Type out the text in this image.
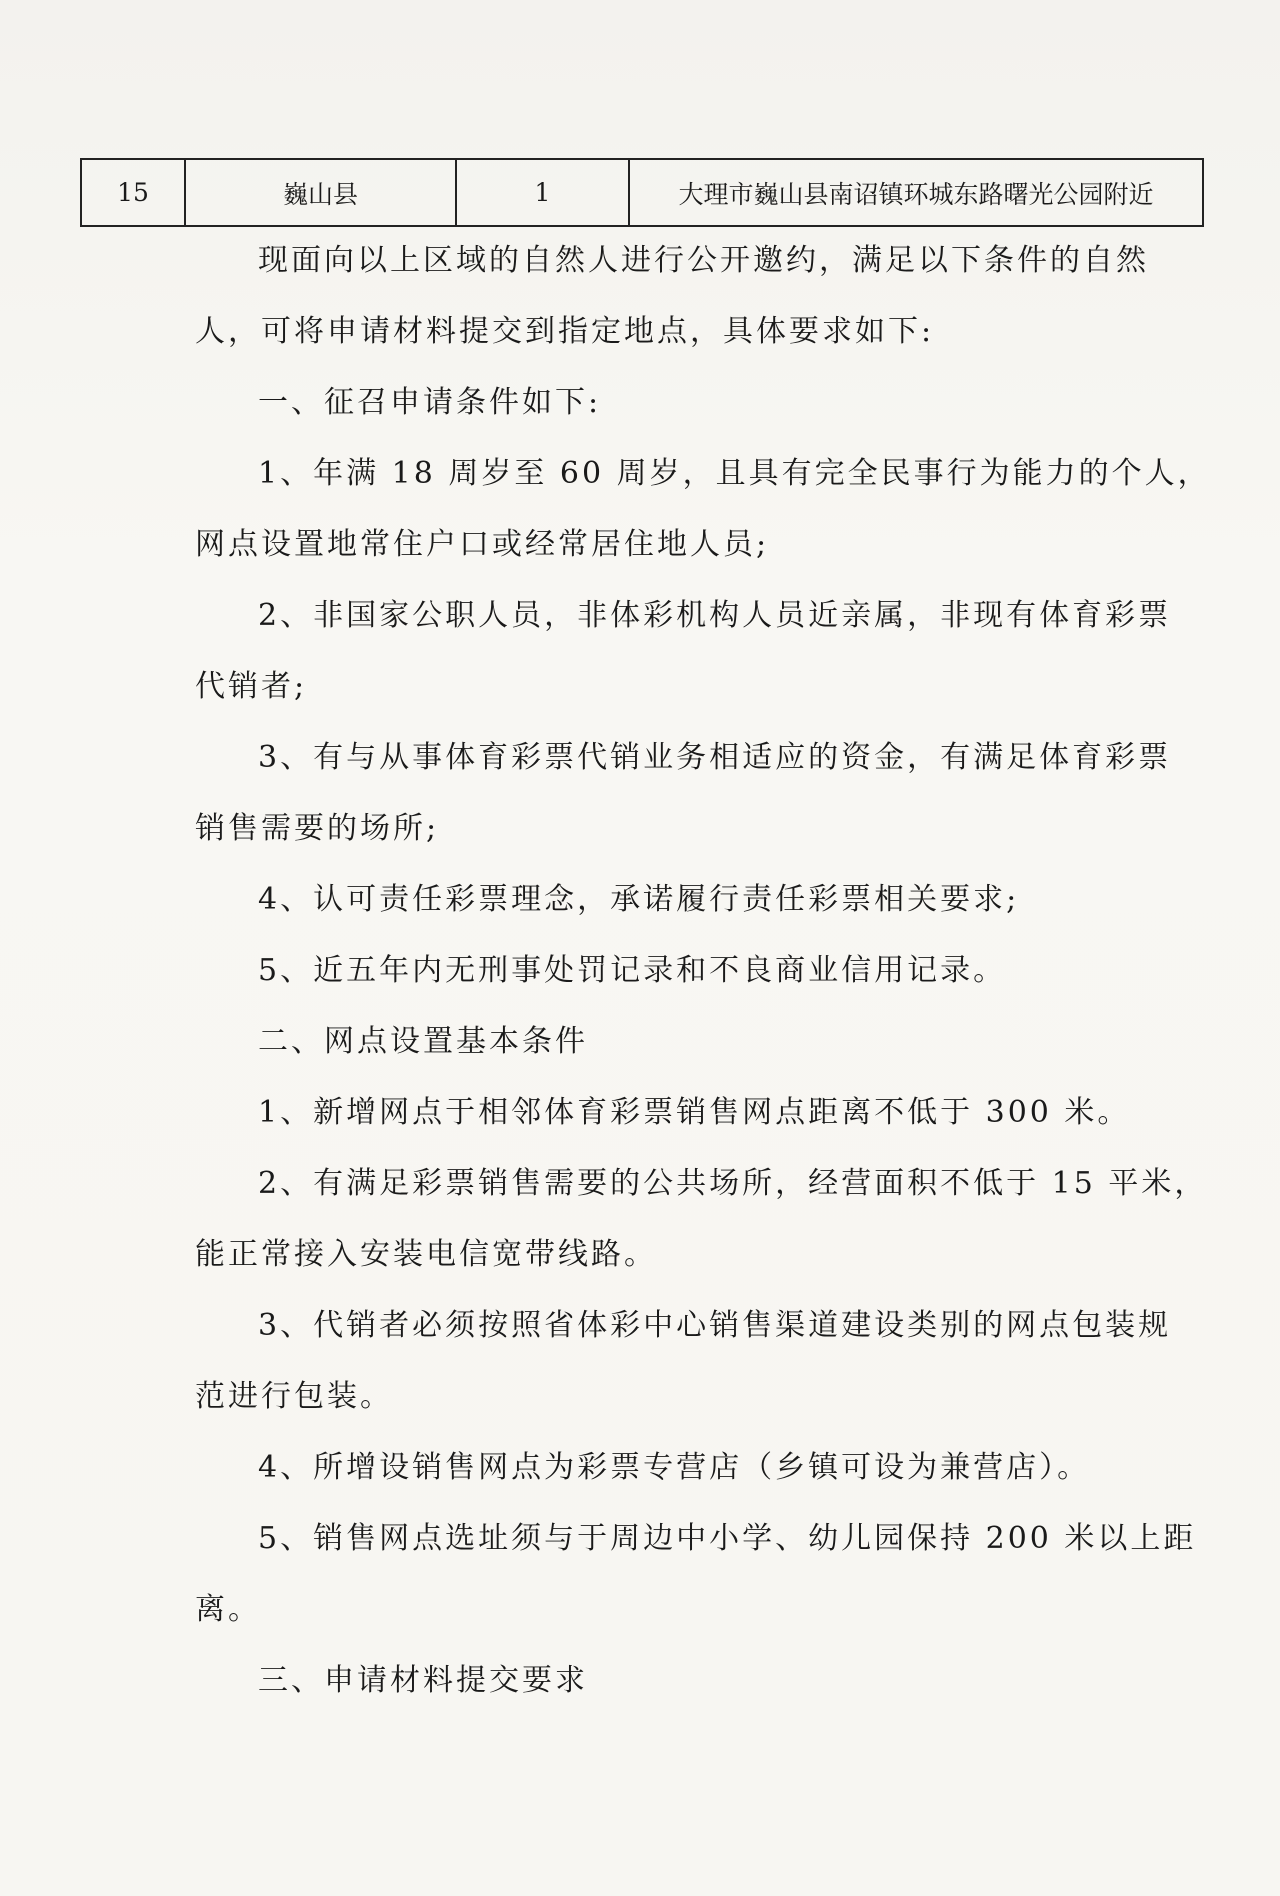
15	巍山县	1	大理市巍山县南诏镇环城东路曙光公园附近
现面向以上区域的自然人进行公开邀约，满足以下条件的自然
人，可将申请材料提交到指定地点，具体要求如下:
一、征召申请条件如下:
1、年满 18 周岁至 60 周岁，且具有完全民事行为能力的个人，
网点设置地常住户口或经常居住地人员;
2、非国家公职人员，非体彩机构人员近亲属，非现有体育彩票
代销者;
3、有与从事体育彩票代销业务相适应的资金，有满足体育彩票
销售需要的场所;
4、认可责任彩票理念，承诺履行责任彩票相关要求;
5、近五年内无刑事处罚记录和不良商业信用记录。
二、网点设置基本条件
1、新增网点于相邻体育彩票销售网点距离不低于 300 米。
2、有满足彩票销售需要的公共场所，经营面积不低于 15 平米，
能正常接入安装电信宽带线路。
3、代销者必须按照省体彩中心销售渠道建设类别的网点包装规
范进行包装。
4、所增设销售网点为彩票专营店（乡镇可设为兼营店）。
5、销售网点选址须与于周边中小学、幼儿园保持 200 米以上距
离。
三、申请材料提交要求
